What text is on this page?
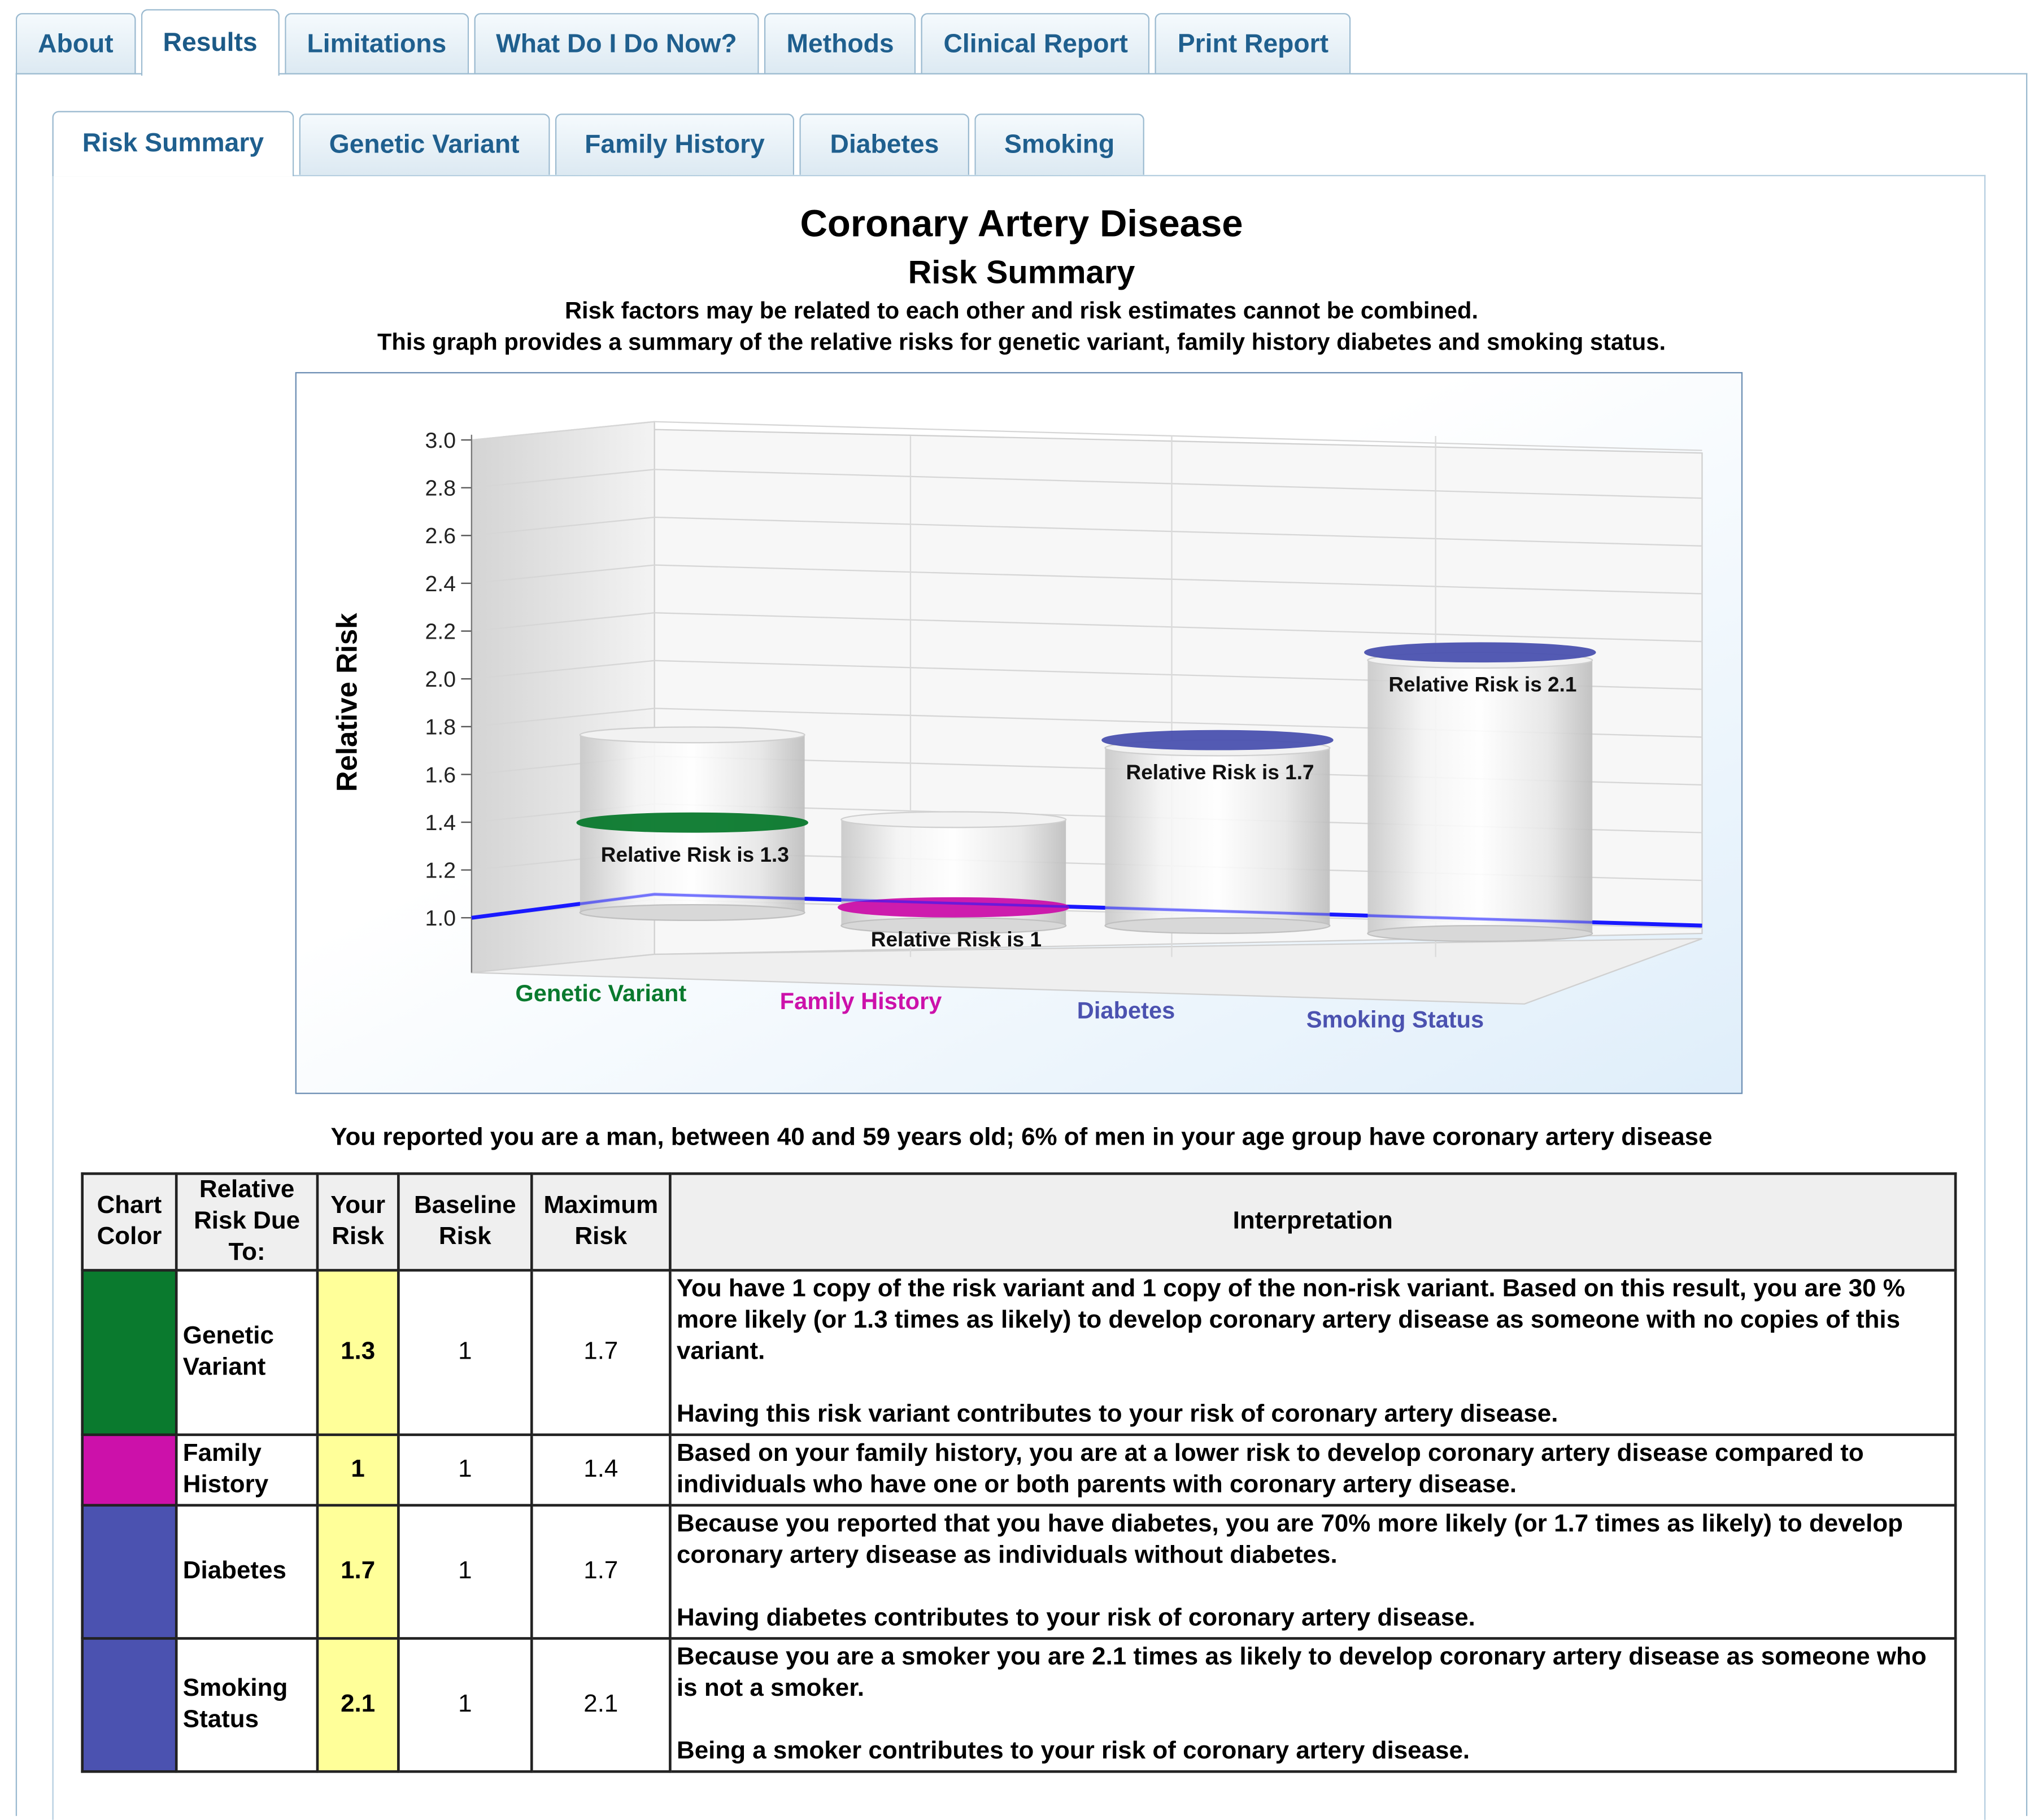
About	Results	Limitations	What Do I Do Now?	Methods	Clinical Report	Print Report
Risk Summary	Genetic Variant	Family History	Diabetes	Smoking
Coronary Artery Disease
Risk Summary
Risk factors may be related to each other and risk estimates cannot be combined.
This graph provides a summary of the relative risks for genetic variant, family history diabetes and smoking status.
1.0
1.2
1.4
1.6
1.8
2.0
2.2
2.4
2.6
2.8
3.0
Relative Risk
Relative Risk is 1.3
Relative Risk is 1
Relative Risk is 1.7
Relative Risk is 2.1
Genetic Variant	Family History	Diabetes	Smoking Status
You reported you are a man, between 40 and 59 years old; 6% of men in your age group have coronary artery disease
Chart Color	Relative Risk Due To:	Your Risk	Baseline Risk	Maximum Risk	Interpretation
	Genetic Variant	1.3	1	1.7	You have 1 copy of the risk variant and 1 copy of the non-risk variant. Based on this result, you are 30 % more likely (or 1.3 times as likely) to develop coronary artery disease as someone with no copies of this variant.

Having this risk variant contributes to your risk of coronary artery disease.

	Family History	1	1	1.4	Based on your family history, you are at a lower risk to develop coronary artery disease compared to individuals who have one or both parents with coronary artery disease.

	Diabetes	1.7	1	1.7	Because you reported that you have diabetes, you are 70% more likely (or 1.7 times as likely) to develop coronary artery disease as individuals without diabetes.

Having diabetes contributes to your risk of coronary artery disease.

	Smoking Status	2.1	1	2.1	Because you are a smoker you are 2.1 times as likely to develop coronary artery disease as someone who is not a smoker.

Being a smoker contributes to your risk of coronary artery disease.
